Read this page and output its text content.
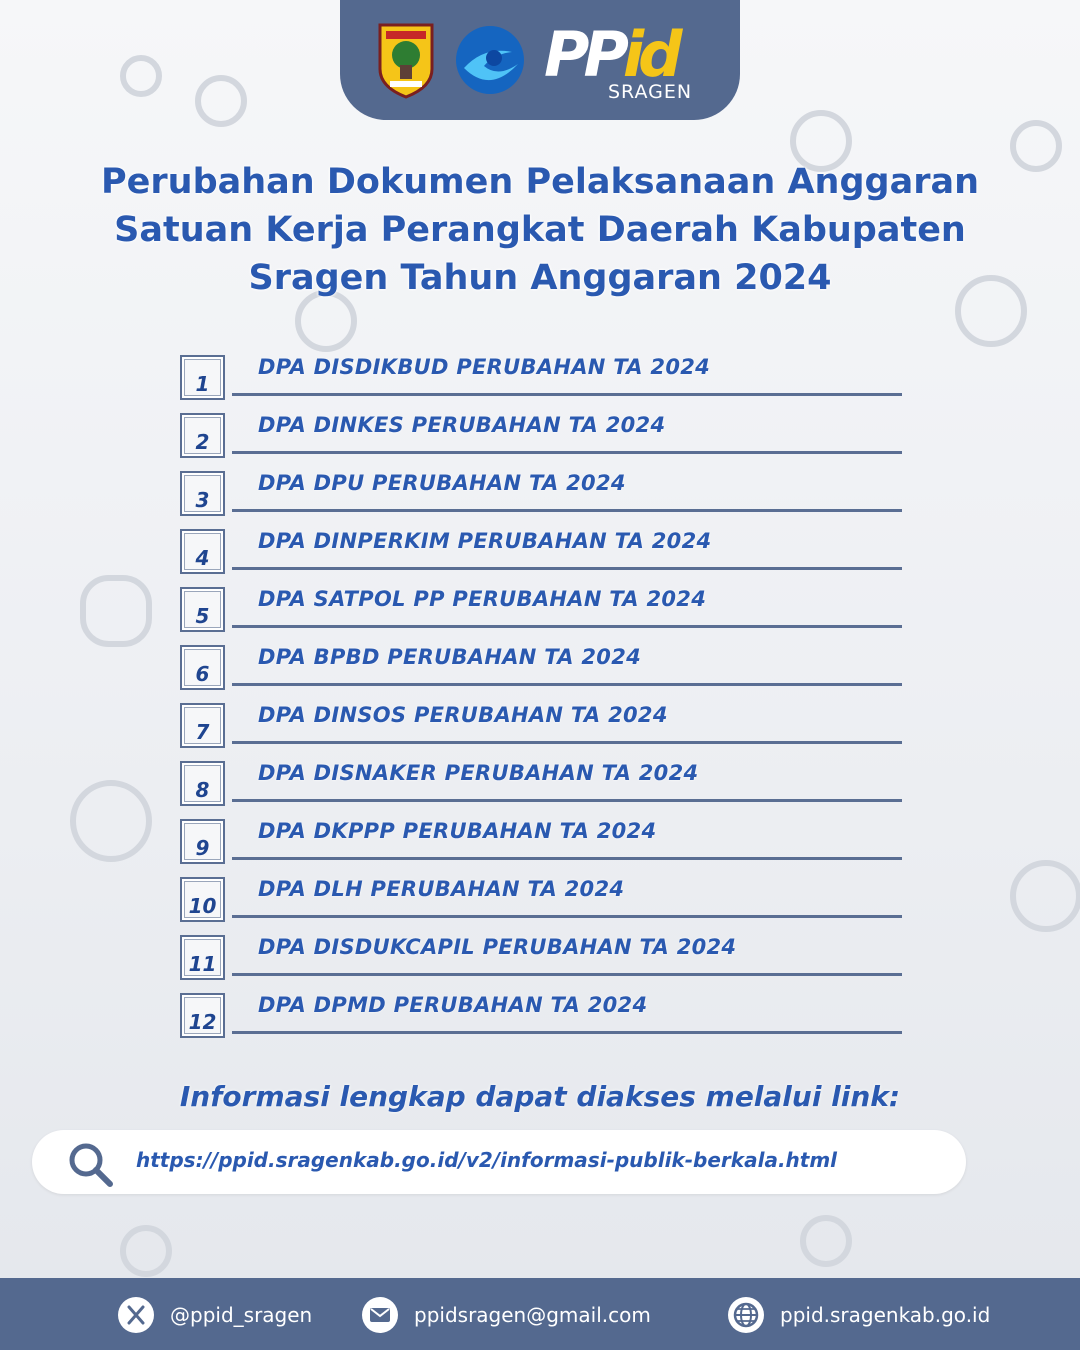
PPid
SRAGEN
Perubahan Dokumen Pelaksanaan Anggaran Satuan Kerja Perangkat Daerah Kabupaten Sragen Tahun Anggaran 2024
1
DPA DISDIKBUD PERUBAHAN TA 2024
2
DPA DINKES PERUBAHAN TA 2024
3
DPA DPU PERUBAHAN TA 2024
4
DPA DINPERKIM PERUBAHAN TA 2024
5
DPA SATPOL PP PERUBAHAN TA 2024
6
DPA BPBD PERUBAHAN TA 2024
7
DPA DINSOS PERUBAHAN TA 2024
8
DPA DISNAKER PERUBAHAN TA 2024
9
DPA DKPPP PERUBAHAN TA 2024
10
DPA DLH PERUBAHAN TA 2024
11
DPA DISDUKCAPIL PERUBAHAN TA 2024
12
DPA DPMD PERUBAHAN TA 2024
Informasi lengkap dapat diakses melalui link:
https://ppid.sragenkab.go.id/v2/informasi-publik-berkala.html
@ppid_sragen	ppidsragen@gmail.com	ppid.sragenkab.go.id
